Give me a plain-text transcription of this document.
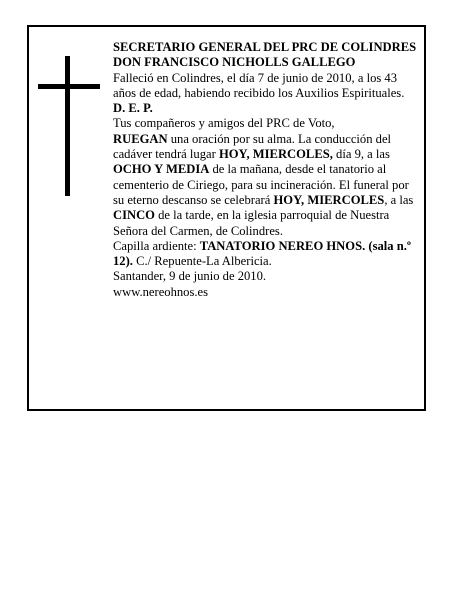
SECRETARIO GENERAL DEL PRC DE COLINDRES

DON FRANCISCO NICHOLLS GALLEGO

Falleció en Colindres, el día 7 de junio de 2010, a los 43 años de edad, habiendo recibido los Auxilios Espirituales.

D. E. P.

Tus compañeros y amigos del PRC de Voto,

RUEGAN una oración por su alma. La conducción del cadáver tendrá lugar HOY, MIERCOLES, día 9, a las OCHO Y MEDIA de la mañana, desde el tanatorio al cementerio de Ciriego, para su incineración. El funeral por su eterno descanso se celebrará HOY, MIERCOLES, a las CINCO de la tarde, en la iglesia parroquial de Nuestra Señora del Carmen, de Colindres.

Capilla ardiente: TANATORIO NEREO HNOS. (sala n.º 12). C./ Repuente-La Albericia.

Santander, 9 de junio de 2010.

www.nereohnos.es
